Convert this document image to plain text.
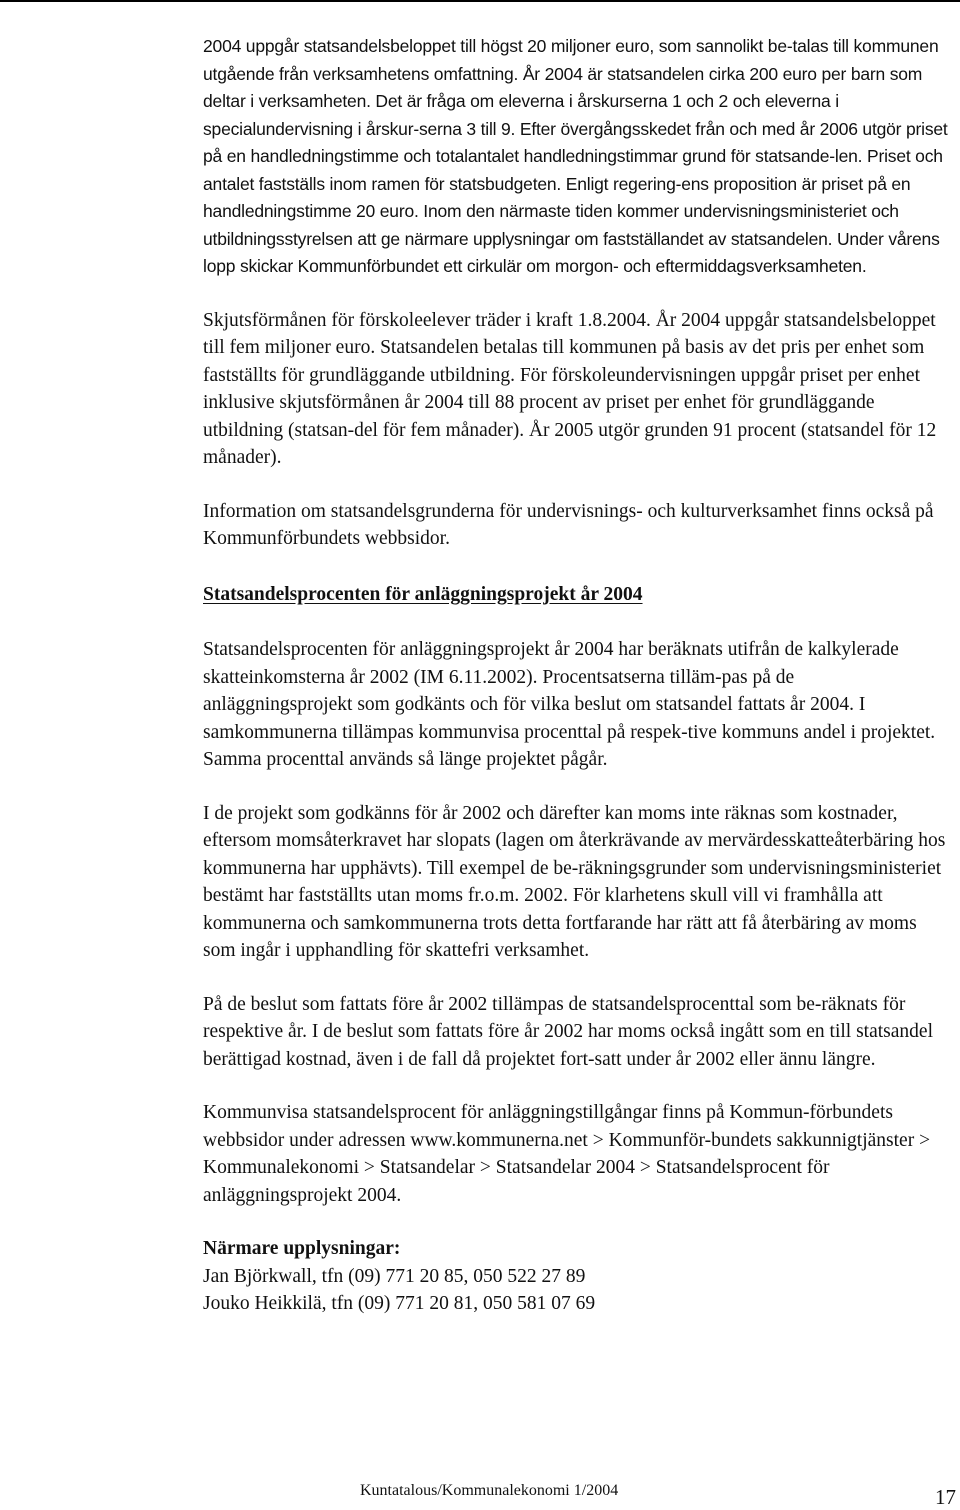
2004 uppgår statsandelsbeloppet till högst 20 miljoner euro, som sannolikt be-talas till kommunen utgående från verksamhetens omfattning. År 2004 är statsandelen cirka 200 euro per barn som deltar i verksamheten. Det är fråga om eleverna i årskurserna 1 och 2 och eleverna i specialundervisning i årskur-serna 3 till 9. Efter övergångsskedet från och med år 2006 utgör priset på en handledningstimme och totalantalet handledningstimmar grund för statsande-len. Priset och antalet fastställs inom ramen för statsbudgeten. Enligt regering-ens proposition är priset på en handledningstimme 20 euro. Inom den närmaste tiden kommer undervisningsministeriet och utbildningsstyrelsen att ge närmare upplysningar om fastställandet av statsandelen. Under vårens lopp skickar Kommunförbundet ett cirkulär om morgon- och eftermiddagsverksamheten.

Skjutsförmånen för förskoleelever träder i kraft 1.8.2004. År 2004 uppgår statsandelsbeloppet till fem miljoner euro. Statsandelen betalas till kommunen på basis av det pris per enhet som fastställts för grundläggande utbildning. För förskoleundervisningen uppgår priset per enhet inklusive skjutsförmånen år 2004 till 88 procent av priset per enhet för grundläggande utbildning (statsan-del för fem månader). År 2005 utgör grunden 91 procent (statsandel för 12 månader).

Information om statsandelsgrunderna för undervisnings- och kulturverksamhet finns också på Kommunförbundets webbsidor.

Statsandelsprocenten för anläggningsprojekt år 2004

Statsandelsprocenten för anläggningsprojekt år 2004 har beräknats utifrån de kalkylerade skatteinkomsterna år 2002 (IM 6.11.2002). Procentsatserna tilläm-pas på de anläggningsprojekt som godkänts och för vilka beslut om statsandel fattats år 2004. I samkommunerna tillämpas kommunvisa procenttal på respek-tive kommuns andel i projektet. Samma procenttal används så länge projektet pågår.

I de projekt som godkänns för år 2002 och därefter kan moms inte räknas som kostnader, eftersom momsåterkravet har slopats (lagen om återkrävande av mervärdesskatteåterbäring hos kommunerna har upphävts). Till exempel de be-räkningsgrunder som undervisningsministeriet bestämt har fastställts utan moms fr.o.m. 2002. För klarhetens skull vill vi framhålla att kommunerna och samkommunerna trots detta fortfarande har rätt att få återbäring av moms som ingår i upphandling för skattefri verksamhet.

På de beslut som fattats före år 2002 tillämpas de statsandelsprocenttal som be-räknats för respektive år. I de beslut som fattats före år 2002 har moms också ingått som en till statsandel berättigad kostnad, även i de fall då projektet fort-satt under år 2002 eller ännu längre.

Kommunvisa statsandelsprocent för anläggningstillgångar finns på Kommun-förbundets webbsidor under adressen www.kommunerna.net > Kommunför-bundets sakkunnigtjänster > Kommunalekonomi > Statsandelar > Statsandelar 2004 > Statsandelsprocent för anläggningsprojekt 2004.

Närmare upplysningar:
Jan Björkwall, tfn (09) 771 20 85, 050 522 27 89
Jouko Heikkilä, tfn (09) 771 20 81, 050 581 07 69
Kuntatalous/Kommunalekonomi 1/2004	17
